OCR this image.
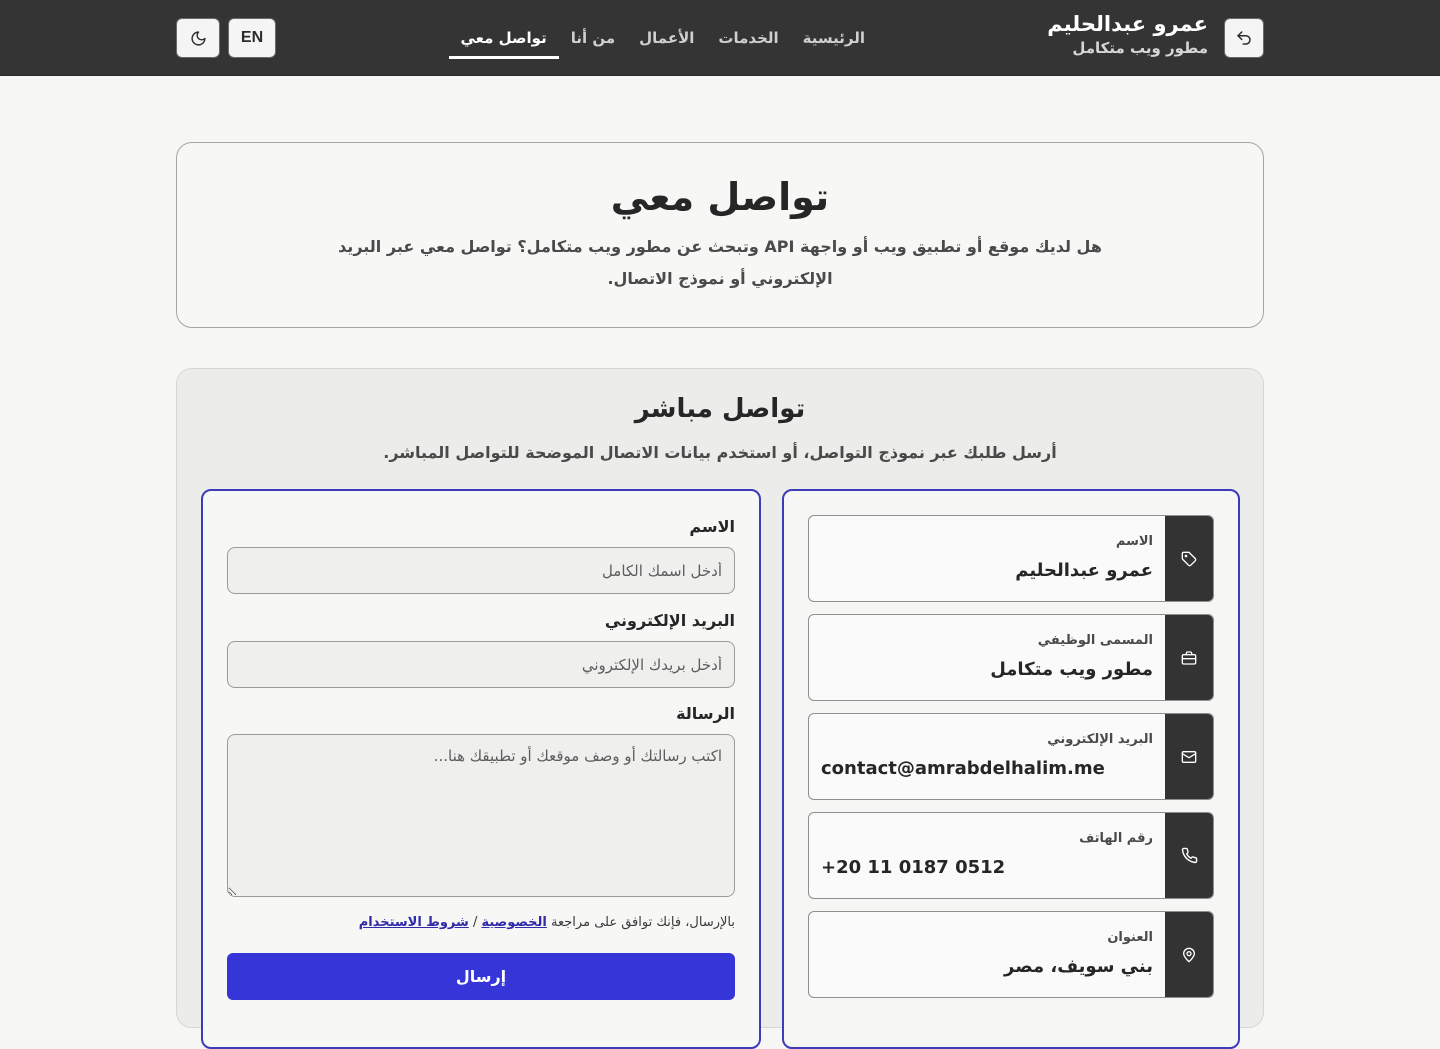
عمرو عبدالحليم
مطور ويب متكامل
الرئيسية
الخدمات
الأعمال
من أنا
تواصل معي
EN
تواصل معي

هل لديك موقع أو تطبيق ويب أو واجهة API وتبحث عن مطور ويب متكامل؟ تواصل معي عبر البريد الإلكتروني أو نموذج الاتصال.

تواصل مباشر
أرسل طلبك عبر نموذج التواصل، أو استخدم بيانات الاتصال الموضحة للتواصل المباشر.
الاسم
عمرو عبدالحليم
المسمى الوظيفي
مطور ويب متكامل
البريد الإلكتروني
contact@amrabdelhalim.me
رقم الهاتف
+20 11 0187 0512
العنوان
بني سويف، مصر
الاسم
أدخل اسمك الكامل
البريد الإلكتروني
أدخل بريدك الإلكتروني
الرسالة
اكتب رسالتك أو وصف موقعك أو تطبيقك هنا...
بالإرسال، فإنك توافق على مراجعة الخصوصية / شروط الاستخدام
إرسال
